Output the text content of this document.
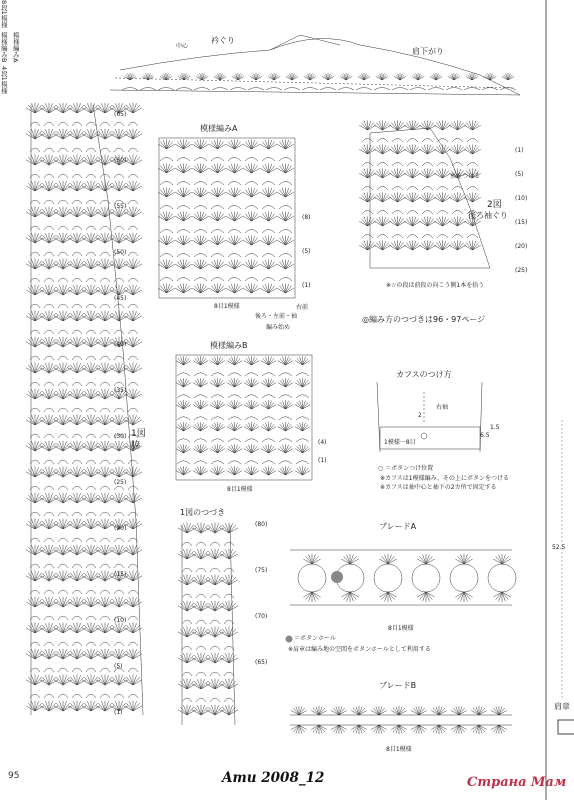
衿ぐり
中心
肩下がり
(65)
(60)
(55)
(50)
(45)
(40)
(35)
(30)
(25)
(20)
(15)
(10)
(5)
(1)
模様編みA
(8)
(5)
(1)
8段1模様
8目1模様	右前
後ろ・左前・袖
編み始め
模様編みB 模様編みA
糸をつける
2図
後ろ袖ぐり
※☆の段は前段の向こう側1本を拾う
(1)
(5)
(10)
(15)
(20)
(25)
◎編み方のつづきは96・97ページ
模様編みB
(4)
(1)
4段1模様
8目1模様
カフスのつけ方
右袖
2
1.5
6.5
1模様一8目
○ ＝ボタンつけ位置
※カフスは1模様編み、その上にボタンをつける
※カフスは袖中心と袖下の2カ所で固定する
1図
脇
1図のつづき
(80)
(75)
(70)
(65)
ブレードA
8目1模様
＝ボタンホール
※肩章は編み地の空間をボタンホールとして利用する
ブレードB
8目1模様
52.5
肩章
95	Amu 2008_12	Страна Мам
